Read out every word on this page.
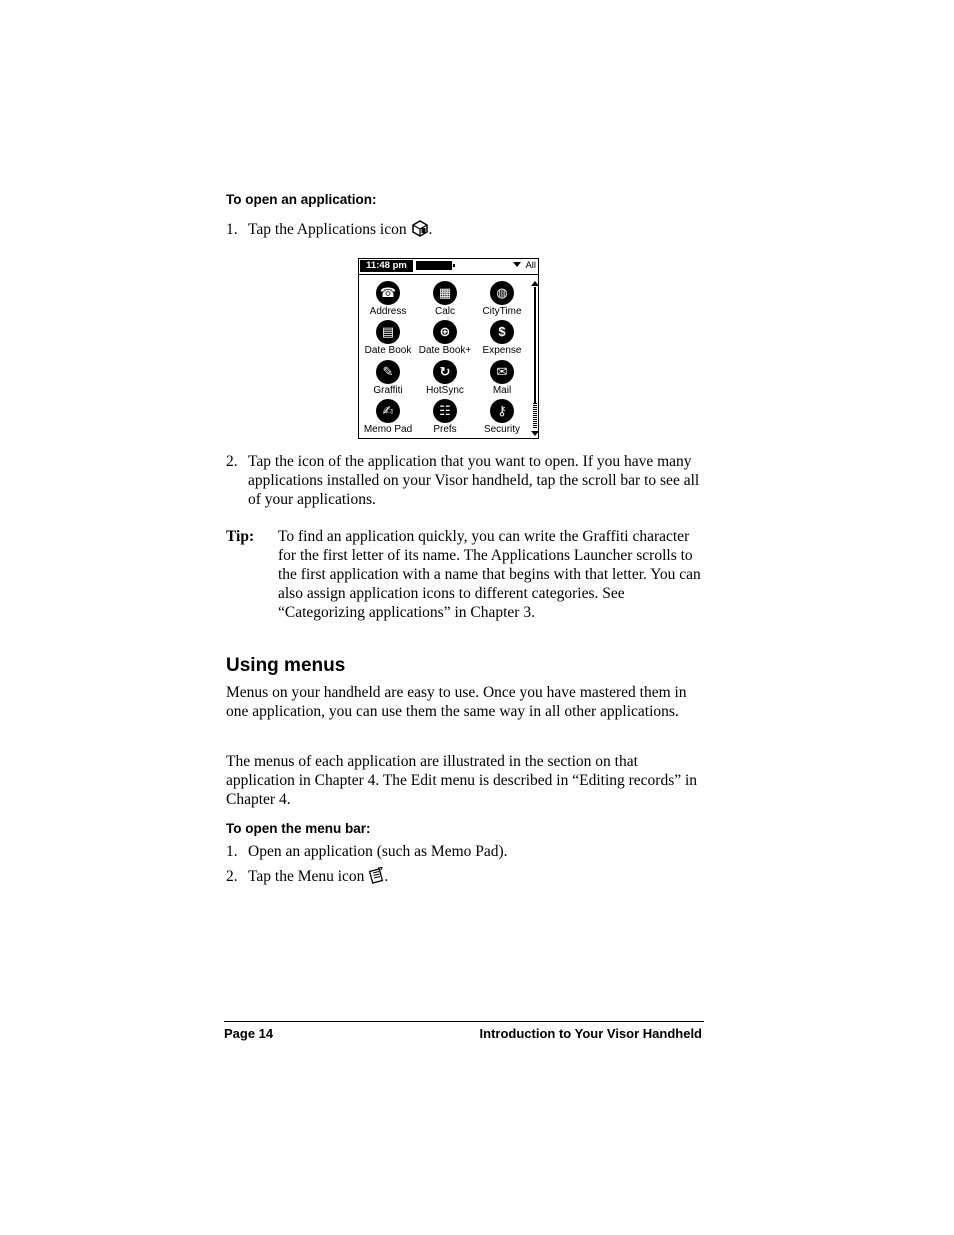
To open an application:
1. Tap the Applications icon .
11:48 pm	All
☎
Address
▦
Calc
◍
CityTime
▤
Date Book
⊕
Date Book+
$
Expense
✎
Graffiti
↻
HotSync
✉
Mail
✍
Memo Pad
☷
Prefs
⚷
Security
2. Tap the icon of the application that you want to open. If you have many applications installed on your Visor handheld, tap the scroll bar to see all of your applications.
Tip: To find an application quickly, you can write the Graffiti character for the first letter of its name. The Applications Launcher scrolls to the first application with a name that begins with that letter. You can also assign application icons to different categories. See “Categorizing applications” in Chapter 3.
Using menus
Menus on your handheld are easy to use. Once you have mastered them in one application, you can use them the same way in all other applications.
The menus of each application are illustrated in the section on that application in Chapter 4. The Edit menu is described in “Editing records” in Chapter 4.
To open the menu bar:
1. Open an application (such as Memo Pad).
2. Tap the Menu icon .
Page 14	Introduction to Your Visor Handheld
